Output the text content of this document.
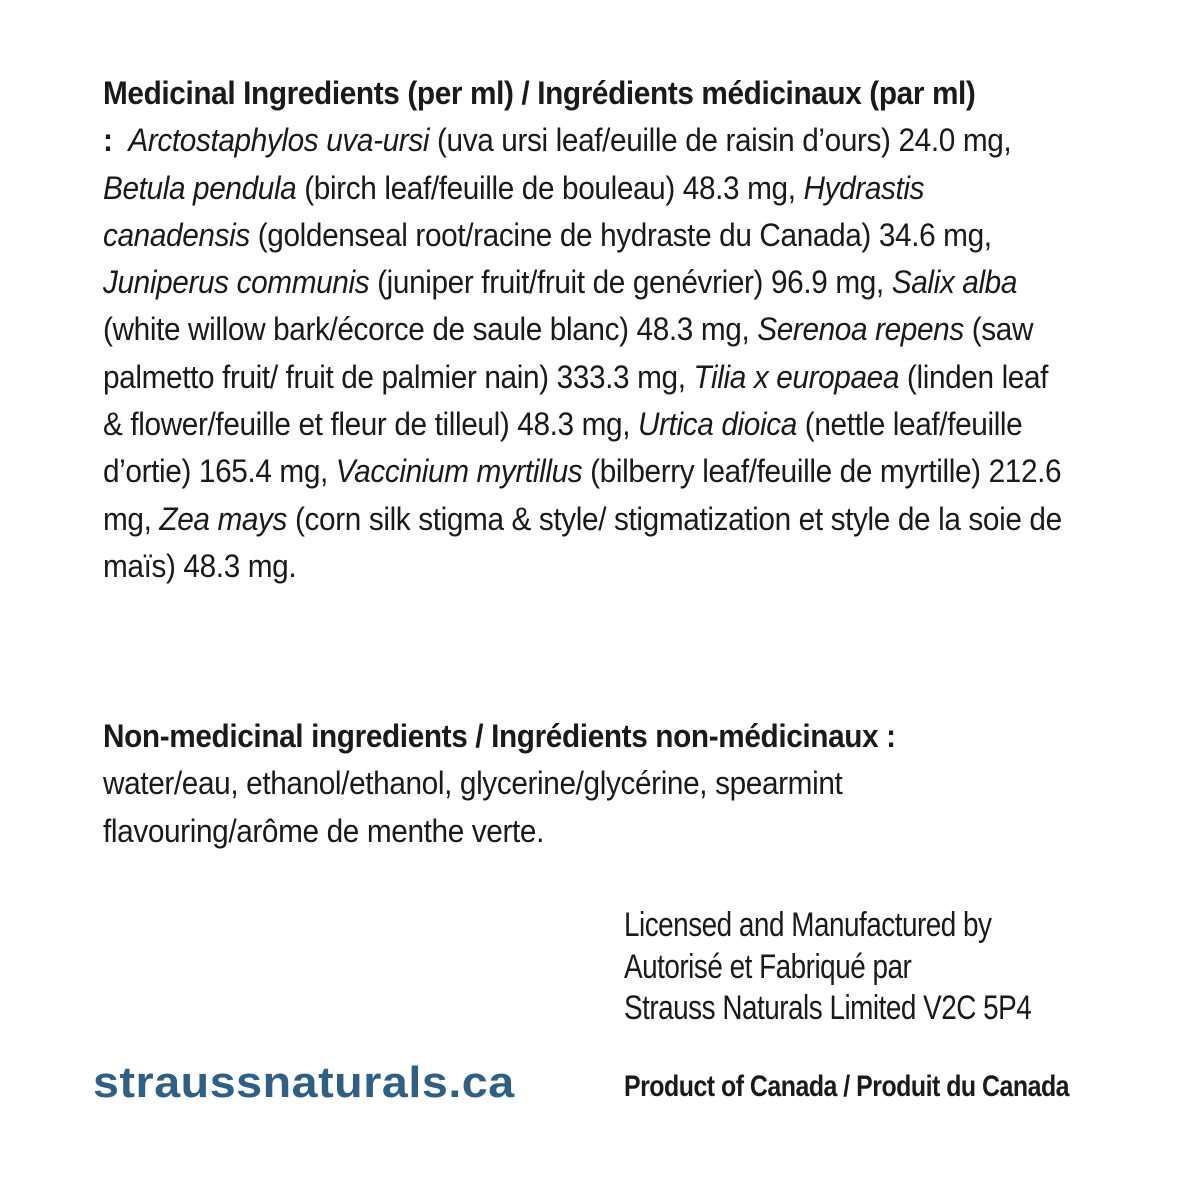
Medicinal Ingredients (per ml) / Ingrédients médicinaux (par ml) : Arctostaphylos uva-ursi (uva ursi leaf/euille de raisin d’ours) 24.0 mg, Betula pendula (birch leaf/feuille de bouleau) 48.3 mg, Hydrastis canadensis (goldenseal root/racine de hydraste du Canada) 34.6 mg, Juniperus communis (juniper fruit/fruit de genévrier) 96.9 mg, Salix alba (white willow bark/écorce de saule blanc) 48.3 mg, Serenoa repens (saw palmetto fruit/ fruit de palmier nain) 333.3 mg, Tilia x europaea (linden leaf & flower/feuille et fleur de tilleul) 48.3 mg, Urtica dioica (nettle leaf/feuille d’ortie) 165.4 mg, Vaccinium myrtillus (bilberry leaf/feuille de myrtille) 212.6 mg, Zea mays (corn silk stigma & style/ stigmatization et style de la soie de maïs) 48.3 mg.
Non-medicinal ingredients / Ingrédients non-médicinaux :
water/eau, ethanol/ethanol, glycerine/glycérine, spearmint flavouring/arôme de menthe verte.
Licensed and Manufactured by
Autorisé et Fabriqué par
Strauss Naturals Limited V2C 5P4
straussnaturals.ca	Product of Canada / Produit du Canada
